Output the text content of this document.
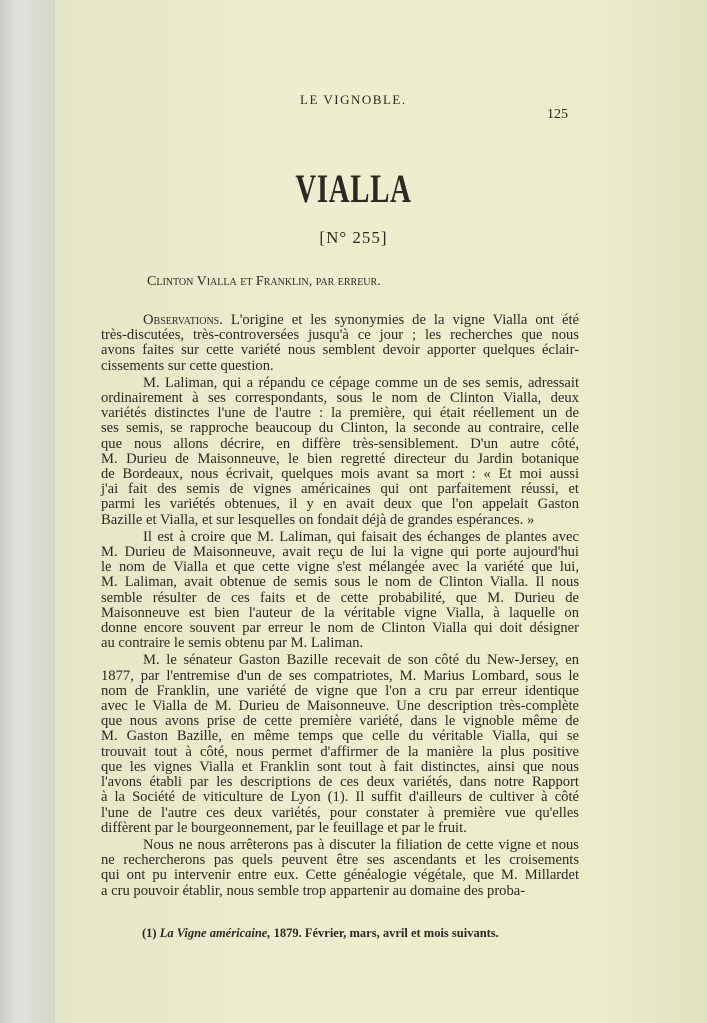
LE VIGNOBLE.
125
VIALLA
[N° 255]
Clinton Vialla et Franklin, par erreur.
Observations. L'origine et les synonymies de la vigne Vialla ont été
très-discutées, très-controversées jusqu'à ce jour ; les recherches que nous
avons faites sur cette variété nous semblent devoir apporter quelques éclair-
cissements sur cette question.
M. Laliman, qui a répandu ce cépage comme un de ses semis, adressait
ordinairement à ses correspondants, sous le nom de Clinton Vialla, deux
variétés distinctes l'une de l'autre : la première, qui était réellement un de
ses semis, se rapproche beaucoup du Clinton, la seconde au contraire, celle
que nous allons décrire, en diffère très-sensiblement. D'un autre côté,
M. Durieu de Maisonneuve, le bien regretté directeur du Jardin botanique
de Bordeaux, nous écrivait, quelques mois avant sa mort : « Et moi aussi
j'ai fait des semis de vignes américaines qui ont parfaitement réussi, et
parmi les variétés obtenues, il y en avait deux que l'on appelait Gaston
Bazille et Vialla, et sur lesquelles on fondait déjà de grandes espérances. »
Il est à croire que M. Laliman, qui faisait des échanges de plantes avec
M. Durieu de Maisonneuve, avait reçu de lui la vigne qui porte aujourd'hui
le nom de Vialla et que cette vigne s'est mélangée avec la variété que lui,
M. Laliman, avait obtenue de semis sous le nom de Clinton Vialla. Il nous
semble résulter de ces faits et de cette probabilité, que M. Durieu de
Maisonneuve est bien l'auteur de la véritable vigne Vialla, à laquelle on
donne encore souvent par erreur le nom de Clinton Vialla qui doit désigner
au contraire le semis obtenu par M. Laliman.
M. le sénateur Gaston Bazille recevait de son côté du New-Jersey, en
1877, par l'entremise d'un de ses compatriotes, M. Marius Lombard, sous le
nom de Franklin, une variété de vigne que l'on a cru par erreur identique
avec le Vialla de M. Durieu de Maisonneuve. Une description très-complète
que nous avons prise de cette première variété, dans le vignoble même de
M. Gaston Bazille, en même temps que celle du véritable Vialla, qui se
trouvait tout à côté, nous permet d'affirmer de la manière la plus positive
que les vignes Vialla et Franklin sont tout à fait distinctes, ainsi que nous
l'avons établi par les descriptions de ces deux variétés, dans notre Rapport
à la Société de viticulture de Lyon (1). Il suffit d'ailleurs de cultiver à côté
l'une de l'autre ces deux variétés, pour constater à première vue qu'elles
diffèrent par le bourgeonnement, par le feuillage et par le fruit.
Nous ne nous arrêterons pas à discuter la filiation de cette vigne et nous
ne rechercherons pas quels peuvent être ses ascendants et les croisements
qui ont pu intervenir entre eux. Cette généalogie végétale, que M. Millardet
a cru pouvoir établir, nous semble trop appartenir au domaine des proba-
(1) La Vigne américaine, 1879. Février, mars, avril et mois suivants.
